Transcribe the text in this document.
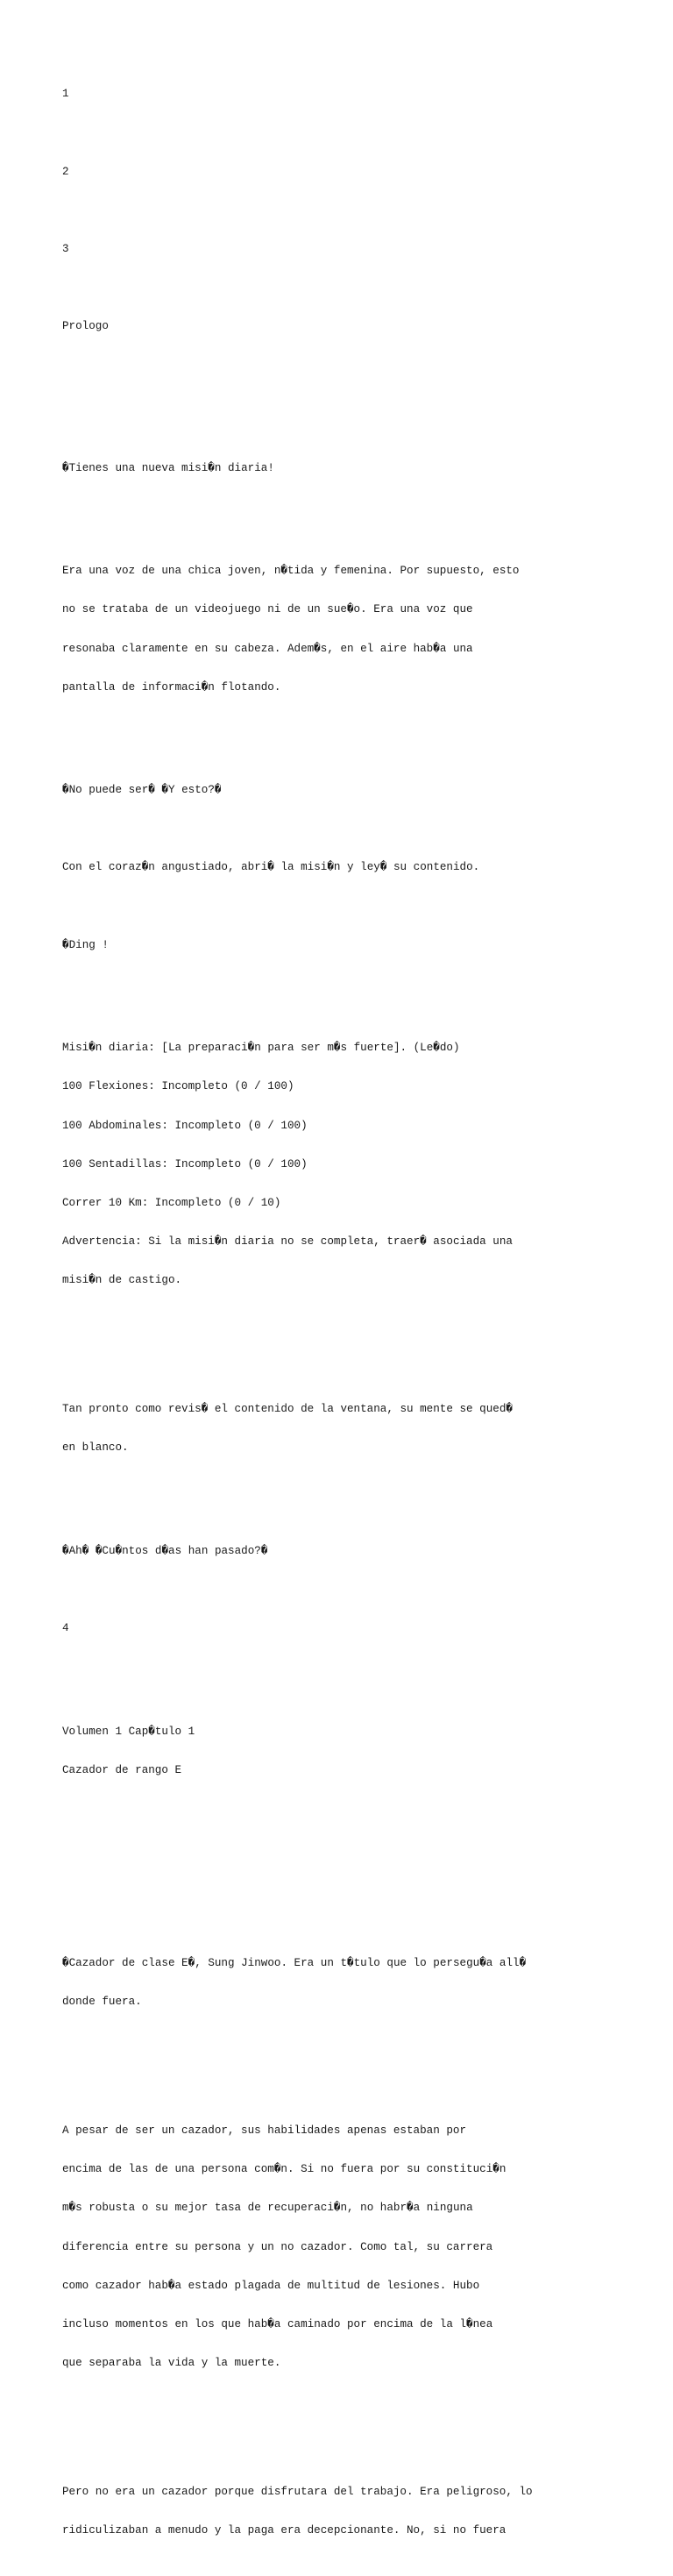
1

2

3

Prologo

�Tienes una nueva misi�n diaria!

Era una voz de una chica joven, n�tida y femenina. Por supuesto, esto

no se trataba de un videojuego ni de un sue�o. Era una voz que

resonaba claramente en su cabeza. Adem�s, en el aire hab�a una

pantalla de informaci�n flotando.

�No puede ser� �Y esto?�

Con el coraz�n angustiado, abri� la misi�n y ley� su contenido.

�Ding !

Misi�n diaria: [La preparaci�n para ser m�s fuerte]. (Le�do)

100 Flexiones: Incompleto (0 / 100)

100 Abdominales: Incompleto (0 / 100)

100 Sentadillas: Incompleto (0 / 100)

Correr 10 Km: Incompleto (0 / 10)

Advertencia: Si la misi�n diaria no se completa, traer� asociada una

misi�n de castigo.

Tan pronto como revis� el contenido de la ventana, su mente se qued�

en blanco.

�Ah� �Cu�ntos d�as han pasado?�

4

Volumen 1 Cap�tulo 1

Cazador de rango E

�Cazador de clase E�, Sung Jinwoo. Era un t�tulo que lo persegu�a all�

donde fuera.

A pesar de ser un cazador, sus habilidades apenas estaban por

encima de las de una persona com�n. Si no fuera por su constituci�n

m�s robusta o su mejor tasa de recuperaci�n, no habr�a ninguna

diferencia entre su persona y un no cazador. Como tal, su carrera

como cazador hab�a estado plagada de multitud de lesiones. Hubo

incluso momentos en los que hab�a caminado por encima de la l�nea

que separaba la vida y la muerte.

Pero no era un cazador porque disfrutara del trabajo. Era peligroso, lo

ridiculizaban a menudo y la paga era decepcionante. No, si no fuera
